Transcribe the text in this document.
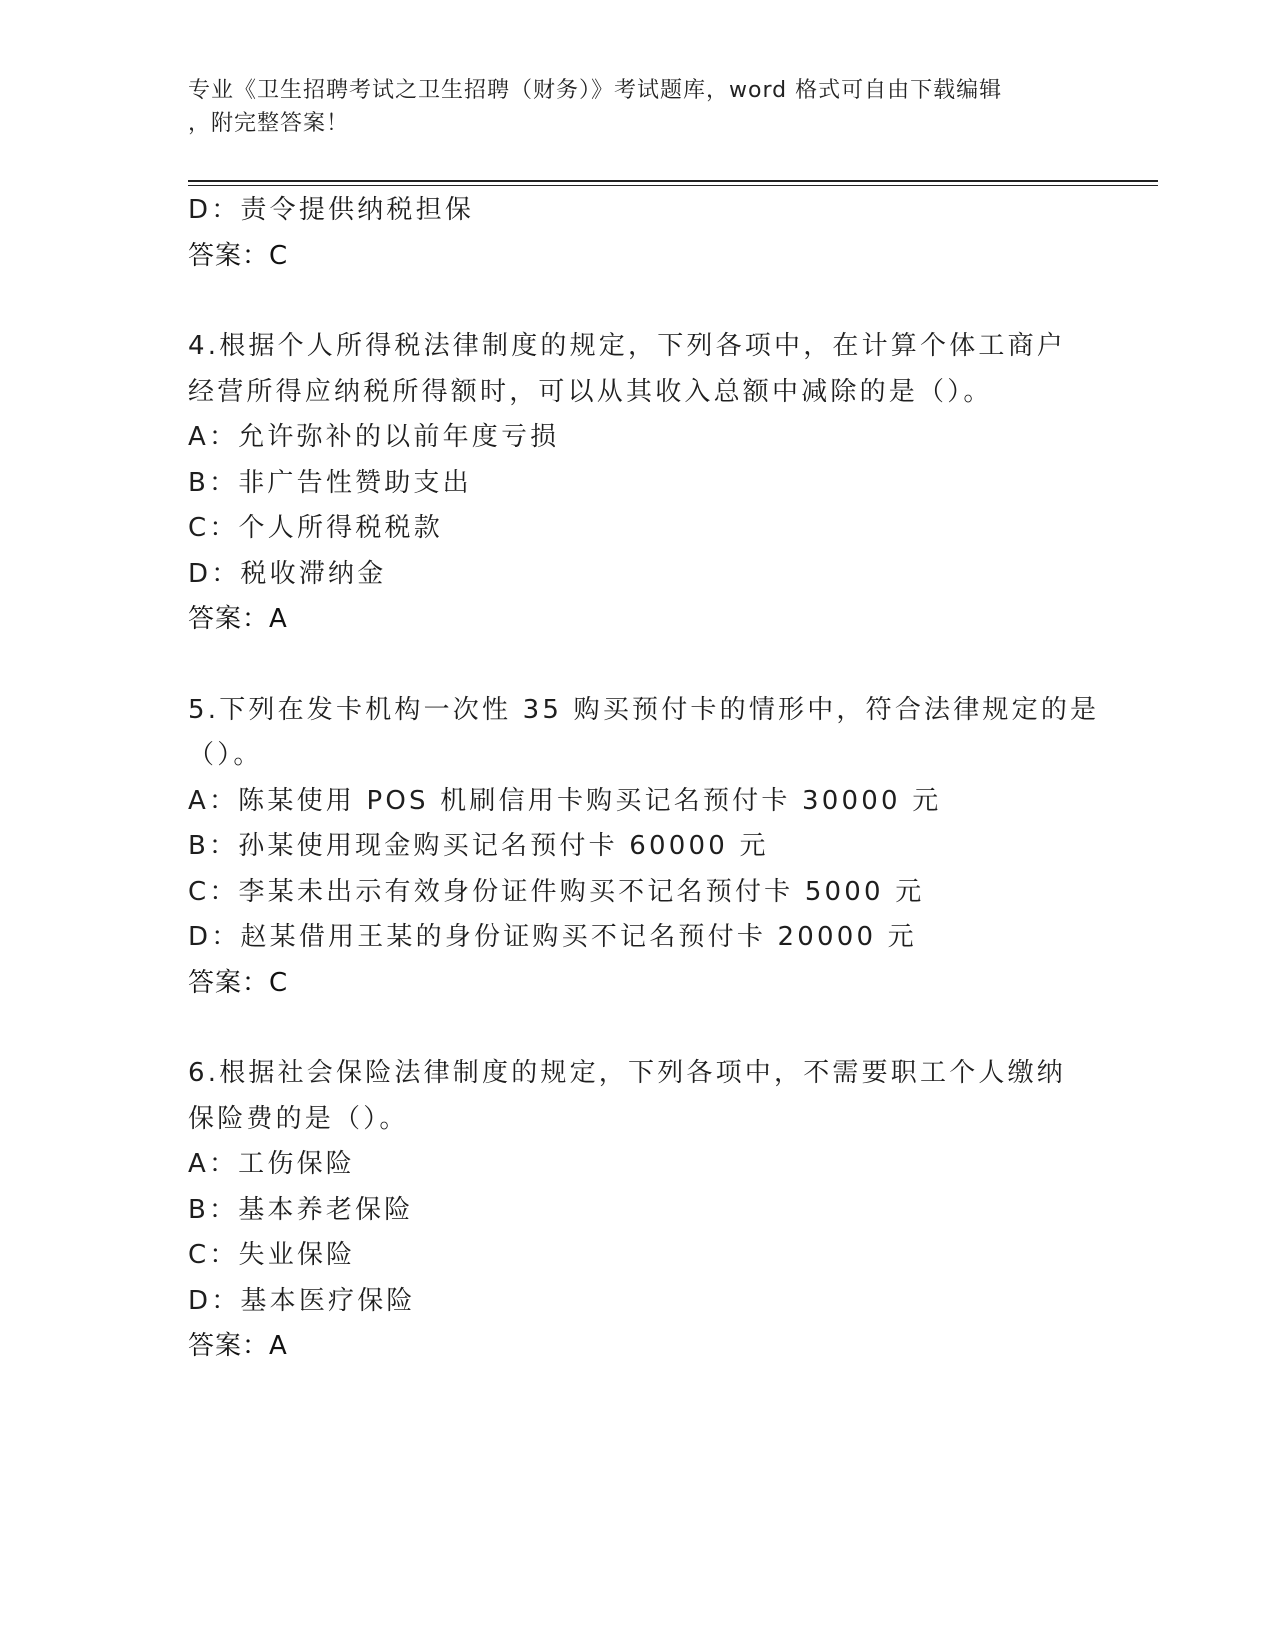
专业《卫生招聘考试之卫生招聘（财务）》考试题库，word 格式可自由下载编辑
，附完整答案！
D：责令提供纳税担保
答案：C
4.根据个人所得税法律制度的规定，下列各项中，在计算个体工商户
经营所得应纳税所得额时，可以从其收入总额中减除的是（）。
A：允许弥补的以前年度亏损
B：非广告性赞助支出
C：个人所得税税款
D：税收滞纳金
答案：A
5.下列在发卡机构一次性 35 购买预付卡的情形中，符合法律规定的是
（）。
A：陈某使用 POS 机刷信用卡购买记名预付卡 30000 元
B：孙某使用现金购买记名预付卡 60000 元
C：李某未出示有效身份证件购买不记名预付卡 5000 元
D：赵某借用王某的身份证购买不记名预付卡 20000 元
答案：C
6.根据社会保险法律制度的规定，下列各项中，不需要职工个人缴纳
保险费的是（）。
A：工伤保险
B：基本养老保险
C：失业保险
D：基本医疗保险
答案：A
